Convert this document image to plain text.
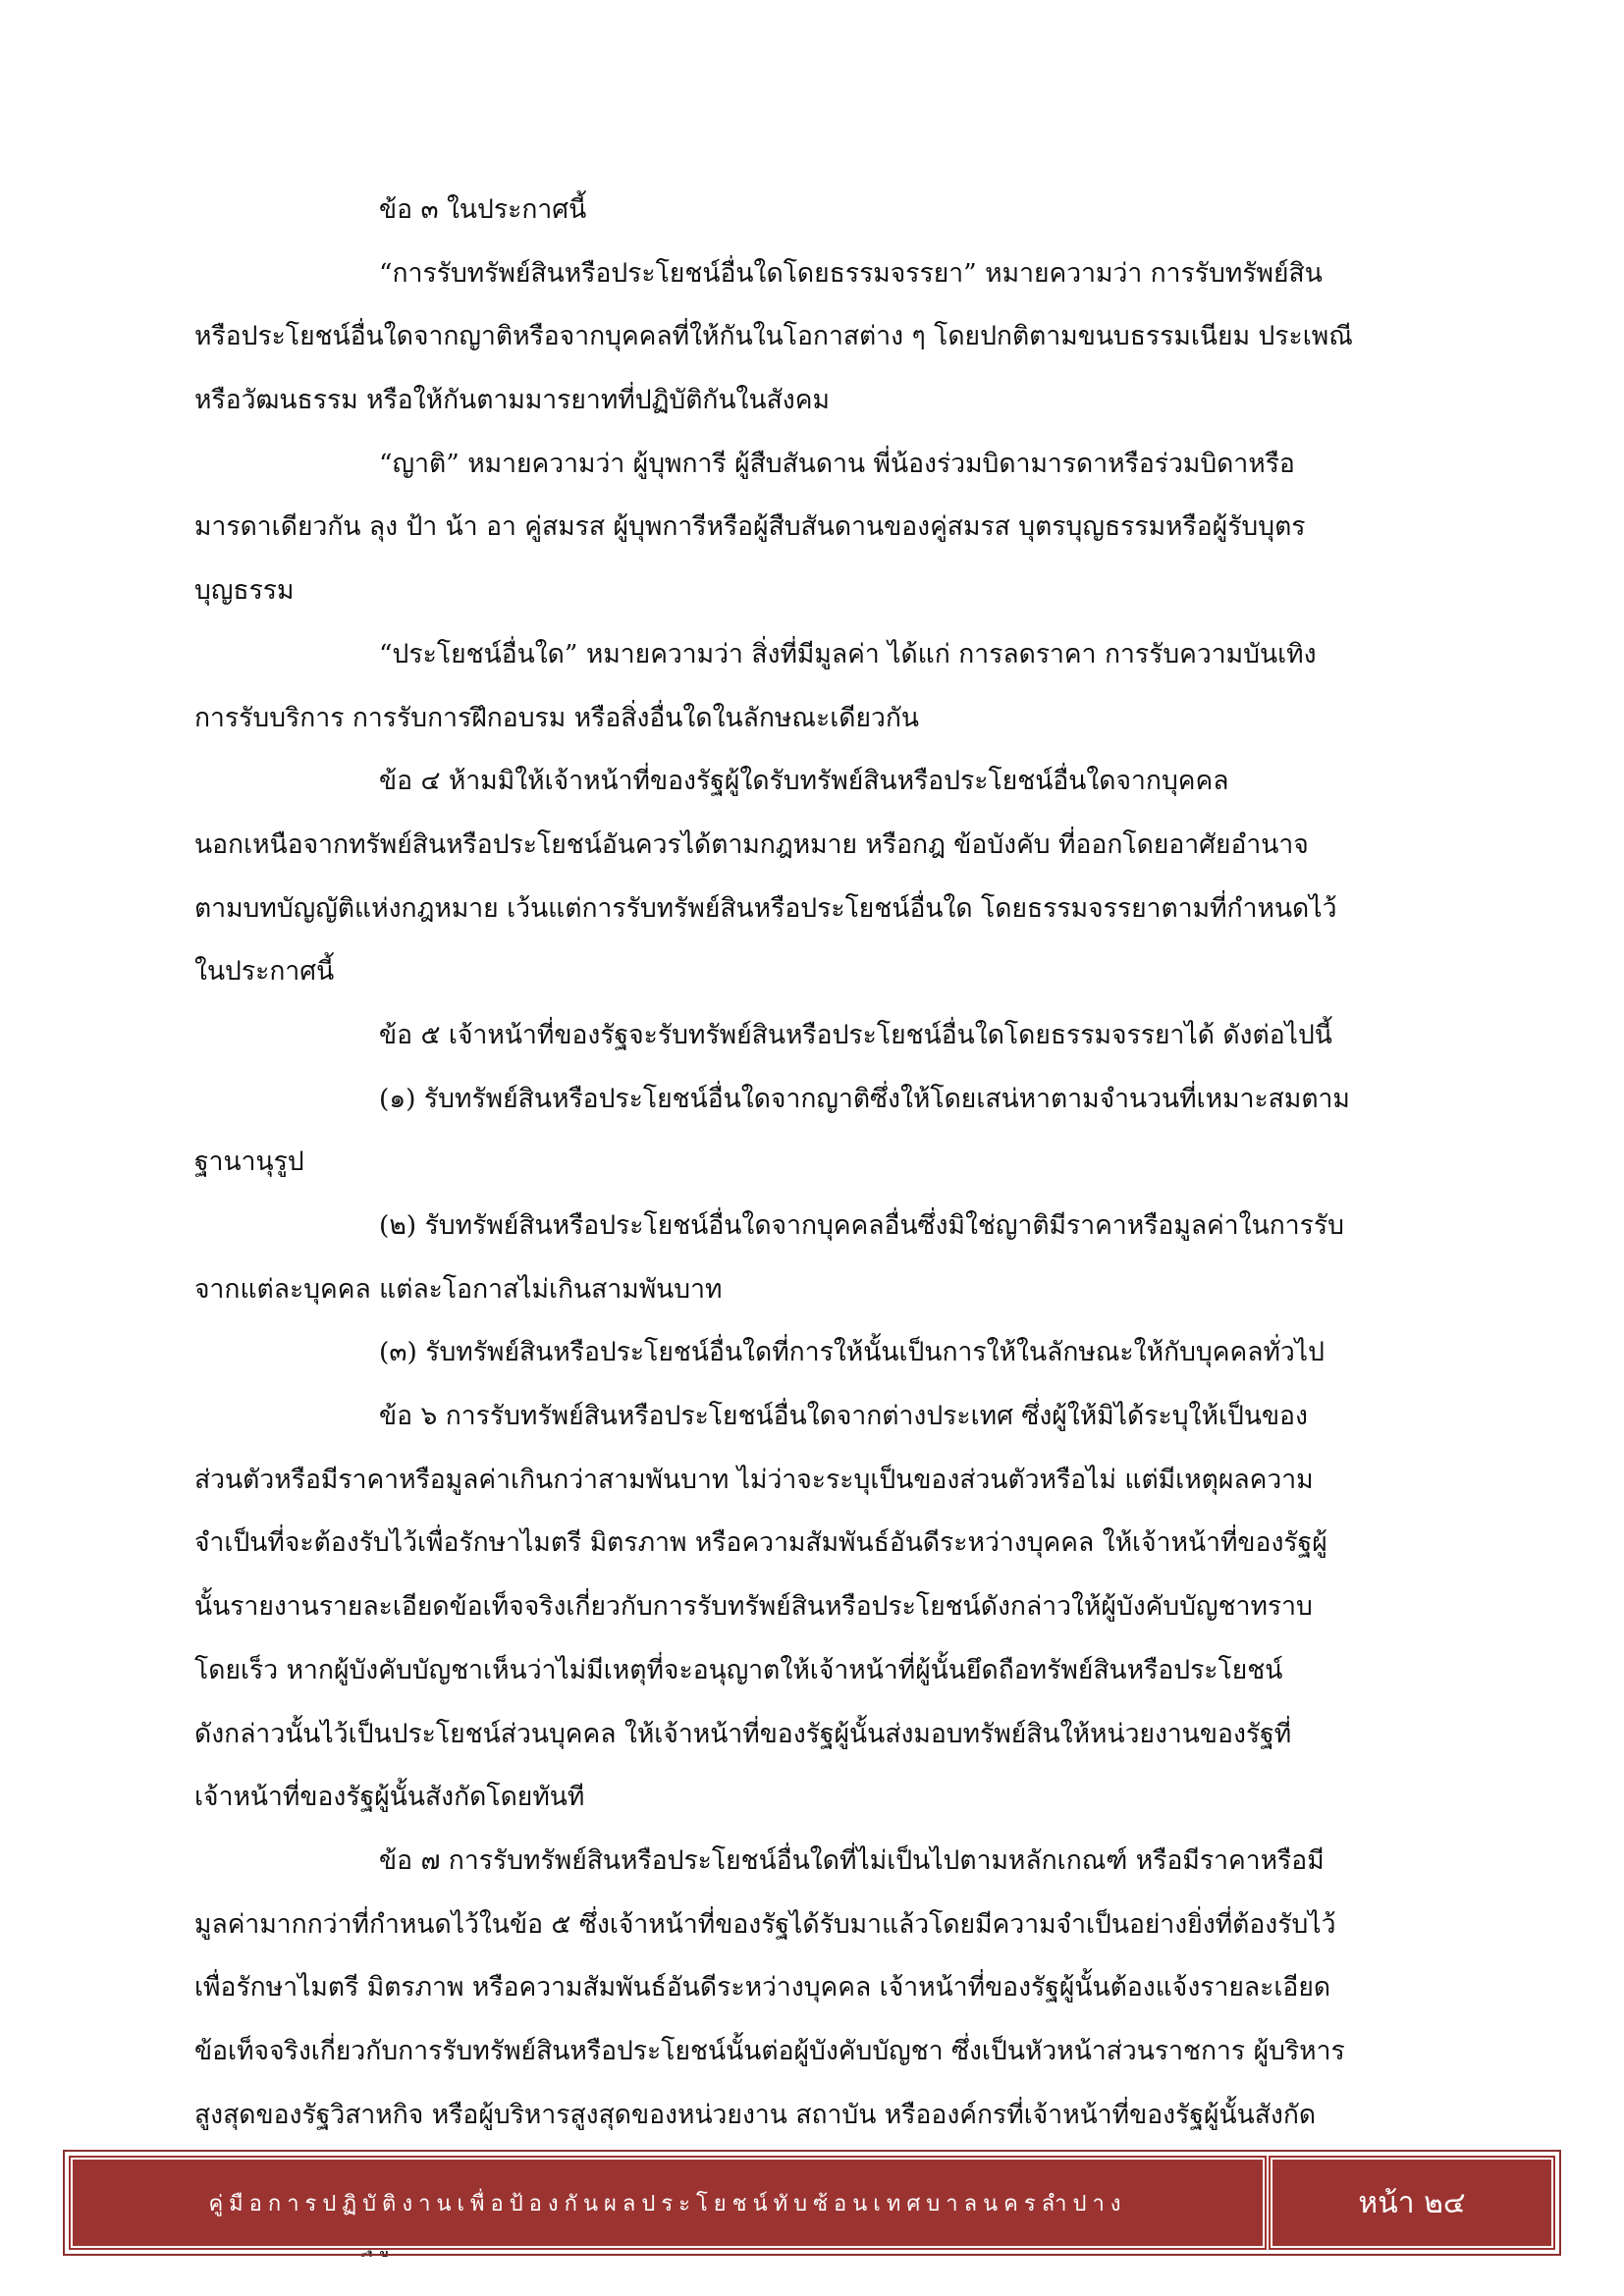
ข้อ ๓ ในประกาศนี้
“การรับทรัพย์สินหรือประโยชน์อื่นใดโดยธรรมจรรยา” หมายความว่า การรับทรัพย์สิน
หรือประโยชน์อื่นใดจากญาติหรือจากบุคคลที่ให้กันในโอกาสต่าง ๆ โดยปกติตามขนบธรรมเนียม ประเพณี
หรือวัฒนธรรม หรือให้กันตามมารยาทที่ปฏิบัติกันในสังคม
“ญาติ” หมายความว่า ผู้บุพการี ผู้สืบสันดาน พี่น้องร่วมบิดามารดาหรือร่วมบิดาหรือ
มารดาเดียวกัน ลุง ป้า น้า อา คู่สมรส ผู้บุพการีหรือผู้สืบสันดานของคู่สมรส บุตรบุญธรรมหรือผู้รับบุตร
บุญธรรม
“ประโยชน์อื่นใด” หมายความว่า สิ่งที่มีมูลค่า ได้แก่ การลดราคา การรับความบันเทิง
การรับบริการ การรับการฝึกอบรม หรือสิ่งอื่นใดในลักษณะเดียวกัน
ข้อ ๔ ห้ามมิให้เจ้าหน้าที่ของรัฐผู้ใดรับทรัพย์สินหรือประโยชน์อื่นใดจากบุคคล
นอกเหนือจากทรัพย์สินหรือประโยชน์อันควรได้ตามกฎหมาย หรือกฎ ข้อบังคับ ที่ออกโดยอาศัยอำนาจ
ตามบทบัญญัติแห่งกฎหมาย เว้นแต่การรับทรัพย์สินหรือประโยชน์อื่นใด โดยธรรมจรรยาตามที่กำหนดไว้
ในประกาศนี้
ข้อ ๕ เจ้าหน้าที่ของรัฐจะรับทรัพย์สินหรือประโยชน์อื่นใดโดยธรรมจรรยาได้ ดังต่อไปนี้
(๑) รับทรัพย์สินหรือประโยชน์อื่นใดจากญาติซึ่งให้โดยเสน่หาตามจำนวนที่เหมาะสมตาม
ฐานานุรูป
(๒) รับทรัพย์สินหรือประโยชน์อื่นใดจากบุคคลอื่นซึ่งมิใช่ญาติมีราคาหรือมูลค่าในการรับ
จากแต่ละบุคคล แต่ละโอกาสไม่เกินสามพันบาท
(๓) รับทรัพย์สินหรือประโยชน์อื่นใดที่การให้นั้นเป็นการให้ในลักษณะให้กับบุคคลทั่วไป
ข้อ ๖ การรับทรัพย์สินหรือประโยชน์อื่นใดจากต่างประเทศ ซึ่งผู้ให้มิได้ระบุให้เป็นของ
ส่วนตัวหรือมีราคาหรือมูลค่าเกินกว่าสามพันบาท ไม่ว่าจะระบุเป็นของส่วนตัวหรือไม่ แต่มีเหตุผลความ
จำเป็นที่จะต้องรับไว้เพื่อรักษาไมตรี มิตรภาพ หรือความสัมพันธ์อันดีระหว่างบุคคล ให้เจ้าหน้าที่ของรัฐผู้
นั้นรายงานรายละเอียดข้อเท็จจริงเกี่ยวกับการรับทรัพย์สินหรือประโยชน์ดังกล่าวให้ผู้บังคับบัญชาทราบ
โดยเร็ว หากผู้บังคับบัญชาเห็นว่าไม่มีเหตุที่จะอนุญาตให้เจ้าหน้าที่ผู้นั้นยึดถือทรัพย์สินหรือประโยชน์
ดังกล่าวนั้นไว้เป็นประโยชน์ส่วนบุคคล ให้เจ้าหน้าที่ของรัฐผู้นั้นส่งมอบทรัพย์สินให้หน่วยงานของรัฐที่
เจ้าหน้าที่ของรัฐผู้นั้นสังกัดโดยทันที
ข้อ ๗ การรับทรัพย์สินหรือประโยชน์อื่นใดที่ไม่เป็นไปตามหลักเกณฑ์ หรือมีราคาหรือมี
มูลค่ามากกว่าที่กำหนดไว้ในข้อ ๕ ซึ่งเจ้าหน้าที่ของรัฐได้รับมาแล้วโดยมีความจำเป็นอย่างยิ่งที่ต้องรับไว้
เพื่อรักษาไมตรี มิตรภาพ หรือความสัมพันธ์อันดีระหว่างบุคคล เจ้าหน้าที่ของรัฐผู้นั้นต้องแจ้งรายละเอียด
ข้อเท็จจริงเกี่ยวกับการรับทรัพย์สินหรือประโยชน์นั้นต่อผู้บังคับบัญชา ซึ่งเป็นหัวหน้าส่วนราชการ ผู้บริหาร
สูงสุดของรัฐวิสาหกิจ หรือผู้บริหารสูงสุดของหน่วยงาน สถาบัน หรือองค์กรที่เจ้าหน้าที่ของรัฐผู้นั้นสังกัด
คู่มือการปฏิบัติงานเพื่อป้องกันผลประโยชน์ทับซ้อนเทศบาลนครลำปาง	หน้า ๒๔
